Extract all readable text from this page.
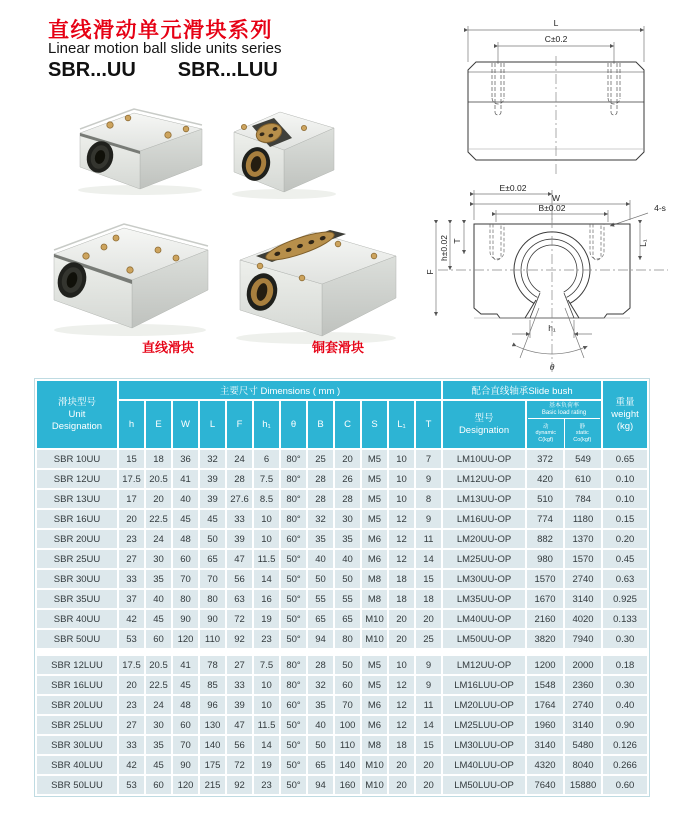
直线滑动单元滑块系列
Linear motion ball slide units series
SBR...UU SBR...LUU
直线滑块	铜套滑块
L
C±0.2
E±0.02
W
B±0.02	4-s
T	L₁
h±0.02
F
h₁
θ
滑块型号
Unit
Designation
	主要尺寸 Dimensions ( mm )	配合直线轴承Slide bush	
重量
weight
(kg)

h	E	W	L	F	h₁	θ	B	C	S	L₁	T	
型号
Designation

基本负荷率
Basic load rating
动
dynamic
C(kgf)
静
static
Co(kgf)

SBR 10UU	15	18	36	32	24	6	80°	25	20	M5	10	7	LM10UU-OP	372	549	0.65
SBR 12UU	17.5	20.5	41	39	28	7.5	80°	28	26	M5	10	9	LM12UU-OP	420	610	0.10
SBR 13UU	17	20	40	39	27.6	8.5	80°	28	28	M5	10	8	LM13UU-OP	510	784	0.10
SBR 16UU	20	22.5	45	45	33	10	80°	32	30	M5	12	9	LM16UU-OP	774	1180	0.15
SBR 20UU	23	24	48	50	39	10	60°	35	35	M6	12	11	LM20UU-OP	882	1370	0.20
SBR 25UU	27	30	60	65	47	11.5	50°	40	40	M6	12	14	LM25UU-OP	980	1570	0.45
SBR 30UU	33	35	70	70	56	14	50°	50	50	M8	18	15	LM30UU-OP	1570	2740	0.63
SBR 35UU	37	40	80	80	63	16	50°	55	55	M8	18	18	LM35UU-OP	1670	3140	0.925
SBR 40UU	42	45	90	90	72	19	50°	65	65	M10	20	20	LM40UU-OP	2160	4020	0.133
SBR 50UU	53	60	120	110	92	23	50°	94	80	M10	20	25	LM50UU-OP	3820	7940	0.30

SBR 12LUU	17.5	20.5	41	78	27	7.5	80°	28	50	M5	10	9	LM12UU-OP	1200	2000	0.18
SBR 16LUU	20	22.5	45	85	33	10	80°	32	60	M5	12	9	LM16LUU-OP	1548	2360	0.30
SBR 20LUU	23	24	48	96	39	10	60°	35	70	M6	12	11	LM20LUU-OP	1764	2740	0.40
SBR 25LUU	27	30	60	130	47	11.5	50°	40	100	M6	12	14	LM25LUU-OP	1960	3140	0.90
SBR 30LUU	33	35	70	140	56	14	50°	50	110	M8	18	15	LM30LUU-OP	3140	5480	0.126
SBR 40LUU	42	45	90	175	72	19	50°	65	140	M10	20	20	LM40LUU-OP	4320	8040	0.266
SBR 50LUU	53	60	120	215	92	23	50°	94	160	M10	20	20	LM50LUU-OP	7640	15880	0.60
